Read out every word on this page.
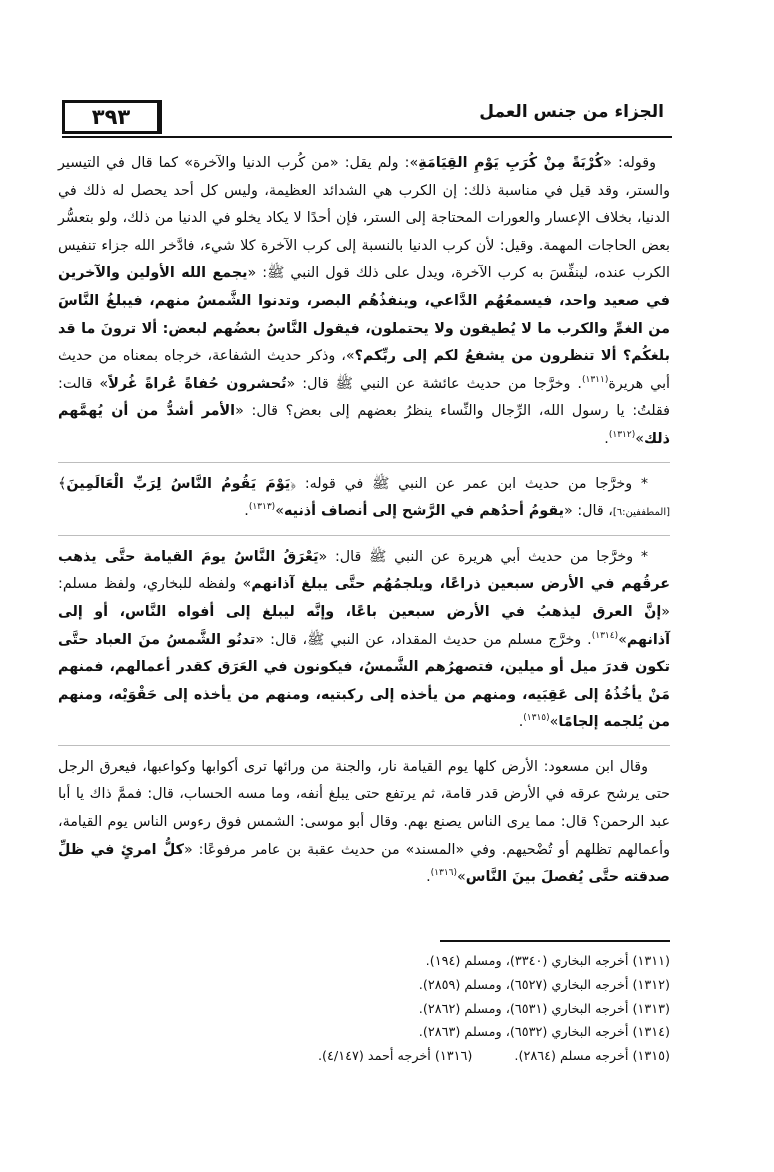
الجزاء من جنس العمل
٣٩٣

وقوله: «كُرْبَةً مِنْ كُرَبِ يَوْمِ القِيَامَةِ»: ولم يقل: «من كُرب الدنيا والآخرة» كما قال في التيسير والستر، وقد قيل في مناسبة ذلك: إن الكرب هي الشدائد العظيمة، وليس كل أحد يحصل له ذلك في الدنيا، بخلاف الإعسار والعورات المحتاجة إلى الستر، فإن أحدًا لا يكاد يخلو في الدنيا من ذلك، ولو بتعسُّر بعض الحاجات المهمة. وقيل: لأن كرب الدنيا بالنسبة إلى كرب الآخرة كلا شيء، فادَّخر الله جزاء تنفيس الكرب عنده، لينفِّسَ به كرب الآخرة، ويدل على ذلك قول النبي ﷺ: «يجمع الله الأولين والآخرين في صعيد واحد، فيسمعُهُم الدَّاعي، وينفذُهُم البصر، وتدنوا الشَّمسُ منهم، فيبلغُ النَّاسَ من الغمِّ والكرب ما لا يُطيقون ولا يحتملون، فيقول النَّاسُ بعضُهم لبعض: ألا ترونَ ما قد بلغكُم؟ ألا تنظرون من يشفعُ لكم إلى ربِّكم؟»، وذكر حديث الشفاعة، خرجاه بمعناه من حديث أبي هريرة$^{(١٣١١)}$. وخرَّجا من حديث عائشة عن النبي ﷺ قال: «تُحشرون حُفاةً عُراةً غُرلاً» قالت: فقلتُ: يا رسول الله، الرِّجال والنِّساء ينظرُ بعضهم إلى بعض؟ قال: «الأمر أشدُّ من أن يُهمَّهم ذلك»$^{(١٣١٢)}$.

* وخرَّجا من حديث ابن عمر عن النبي ﷺ في قوله: ﴿يَوْمَ يَقُومُ النَّاسُ لِرَبِّ الْعَالَمِينَ﴾ [المطففين:٦]، قال: «يقومُ أحدُهم في الرَّشح إلى أنصاف أذنيه»$^{(١٣١٣)}$.

* وخرَّجا من حديث أبي هريرة عن النبي ﷺ قال: «يَعْرَقُ النَّاسُ يومَ القيامة حتَّى يذهب عرقُهم في الأرض سبعين ذراعًا، ويلجمُهُم حتَّى يبلغ آذانهم» ولفظه للبخاري، ولفظ مسلم: «إنَّ العرق ليذهبُ في الأرض سبعين باعًا، وإنَّه ليبلغ إلى أفواه النَّاس، أو إلى آذانهم»$^{(١٣١٤)}$. وخرَّج مسلم من حديث المقداد، عن النبي ﷺ، قال: «تدنُو الشَّمسُ منَ العباد حتَّى تكون قدرَ ميل أو ميلين، فتصهرُهم الشَّمسُ، فيكونون في العَرَق كقدر أعمالهم، فمنهم مَنْ يأخُذُهُ إلى عَقِبَيه، ومنهم من يأخذه إلى ركبتيه، ومنهم من يأخذه إلى حَقْوَيْه، ومنهم من يُلجمه إلجامًا»$^{(١٣١٥)}$.

وقال ابن مسعود: الأرض كلها يوم القيامة نار، والجنة من ورائها ترى أكوابها وكواعبها، فيعرق الرجل حتى يرشح عرقه في الأرض قدر قامة، ثم يرتفع حتى يبلغ أنفه، وما مسه الحساب، قال: فممَّ ذاك يا أبا عبد الرحمن؟ قال: مما يرى الناس يصنع بهم. وقال أبو موسى: الشمس فوق رءوس الناس يوم القيامة، وأعمالهم تظلهم أو تُضْحيهم. وفي «المسند» من حديث عقبة بن عامر مرفوعًا: «كلُّ امرئٍ في ظلِّ صدقته حتَّى يُفصلَ بينَ النَّاس»$^{(١٣١٦)}$.

(١٣١١) أخرجه البخاري (٣٣٤٠)، ومسلم (١٩٤).
(١٣١٢) أخرجه البخاري (٦٥٢٧)، ومسلم (٢٨٥٩).
(١٣١٣) أخرجه البخاري (٦٥٣١)، ومسلم (٢٨٦٢).
(١٣١٤) أخرجه البخاري (٦٥٣٢)، ومسلم (٢٨٦٣).
(١٣١٥) أخرجه مسلم (٢٨٦٤).(١٣١٦) أخرجه أحمد (٤/١٤٧).
